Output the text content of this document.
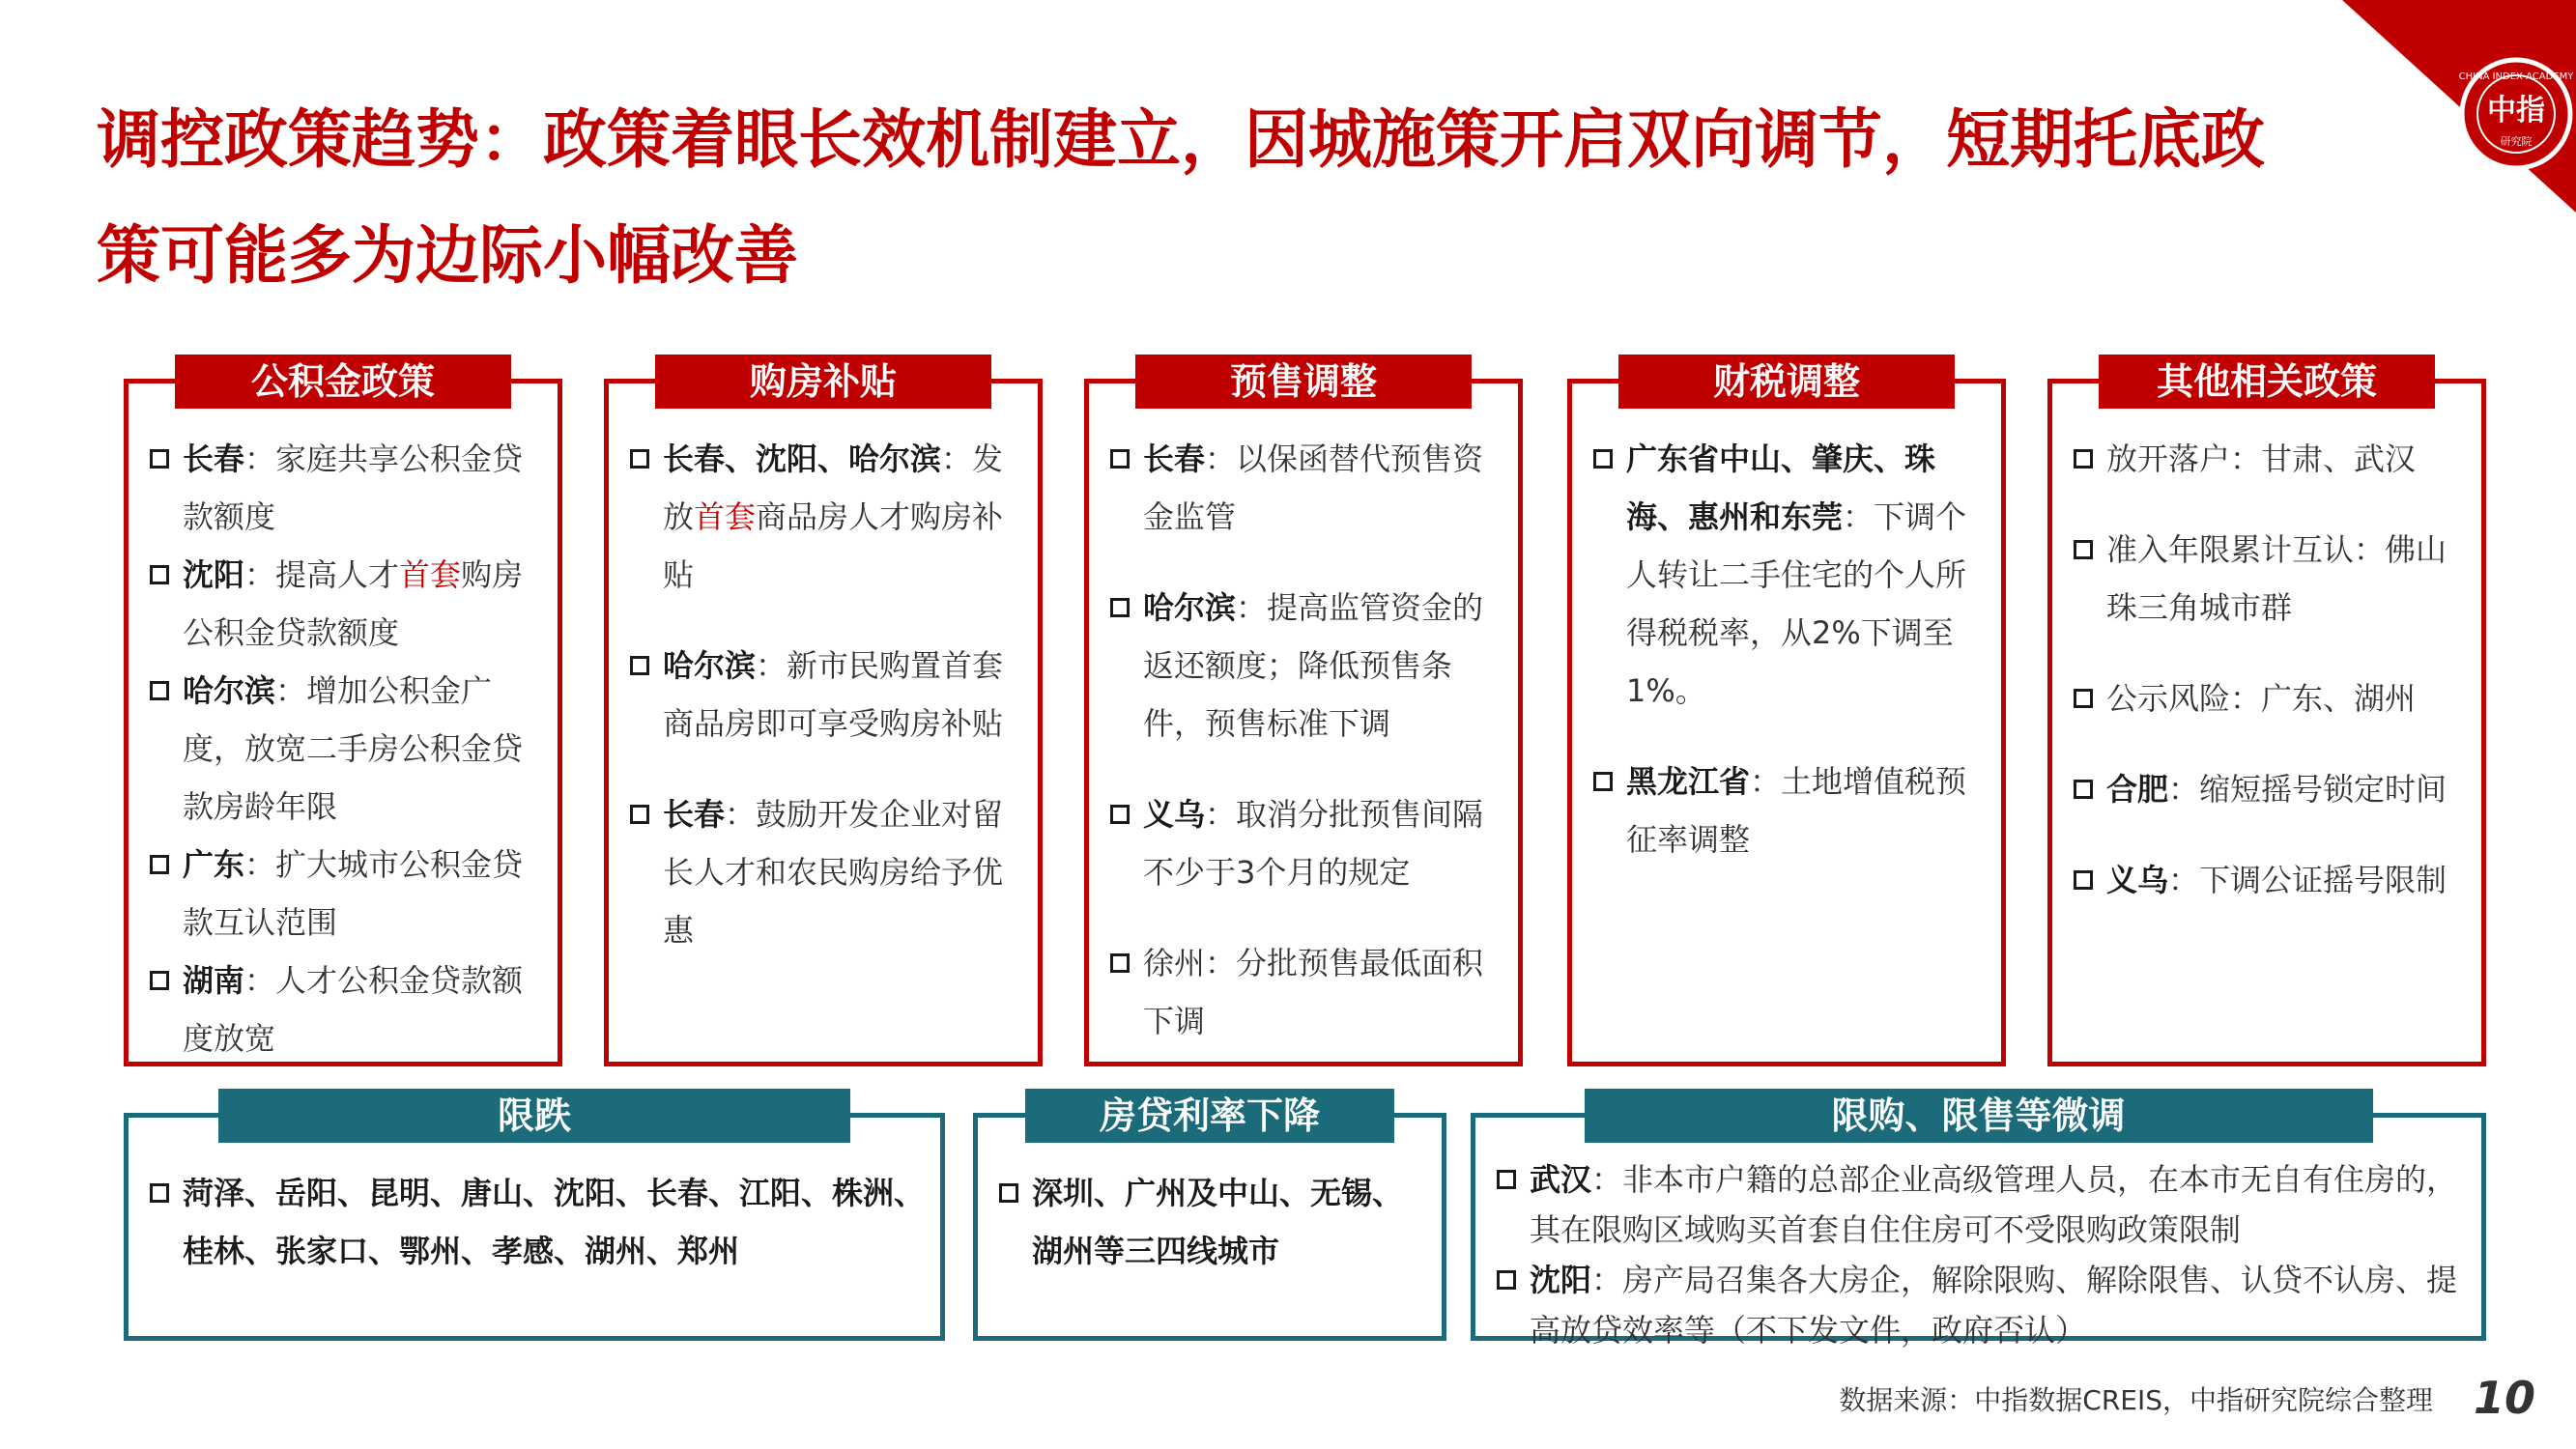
调控政策趋势：政策着眼长效机制建立，因城施策开启双向调节，短期托底政
策可能多为边际小幅改善
中指
研究院
CHINA INDEX ACADEMY
公积金政策
长春：家庭共享公积金贷款额度
沈阳：提高人才首套购房公积金贷款额度
哈尔滨：增加公积金广度，放宽二手房公积金贷款房龄年限
广东：扩大城市公积金贷款互认范围
湖南：人才公积金贷款额度放宽
购房补贴
长春、沈阳、哈尔滨：发放首套商品房人才购房补贴
哈尔滨：新市民购置首套商品房即可享受购房补贴
长春：鼓励开发企业对留长人才和农民购房给予优惠
预售调整
长春：以保函替代预售资金监管
哈尔滨：提高监管资金的返还额度；降低预售条件，预售标准下调
义乌：取消分批预售间隔不少于3个月的规定
徐州：分批预售最低面积下调
财税调整
广东省中山、肇庆、珠海、惠州和东莞：下调个人转让二手住宅的个人所得税税率，从2%下调至1%。
黑龙江省：土地增值税预征率调整
其他相关政策
放开落户：甘肃、武汉
准入年限累计互认：佛山珠三角城市群
公示风险：广东、湖州
合肥：缩短摇号锁定时间
义乌：下调公证摇号限制
限跌
菏泽、岳阳、昆明、唐山、沈阳、长春、江阳、株洲、桂林、张家口、鄂州、孝感、湖州、郑州
房贷利率下降
深圳、广州及中山、无锡、湖州等三四线城市
限购、限售等微调
武汉：非本市户籍的总部企业高级管理人员，在本市无自有住房的，其在限购区域购买首套自住住房可不受限购政策限制
沈阳：房产局召集各大房企，解除限购、解除限售、认贷不认房、提高放贷效率等（不下发文件，政府否认）
数据来源：中指数据CREIS，中指研究院综合整理 10
